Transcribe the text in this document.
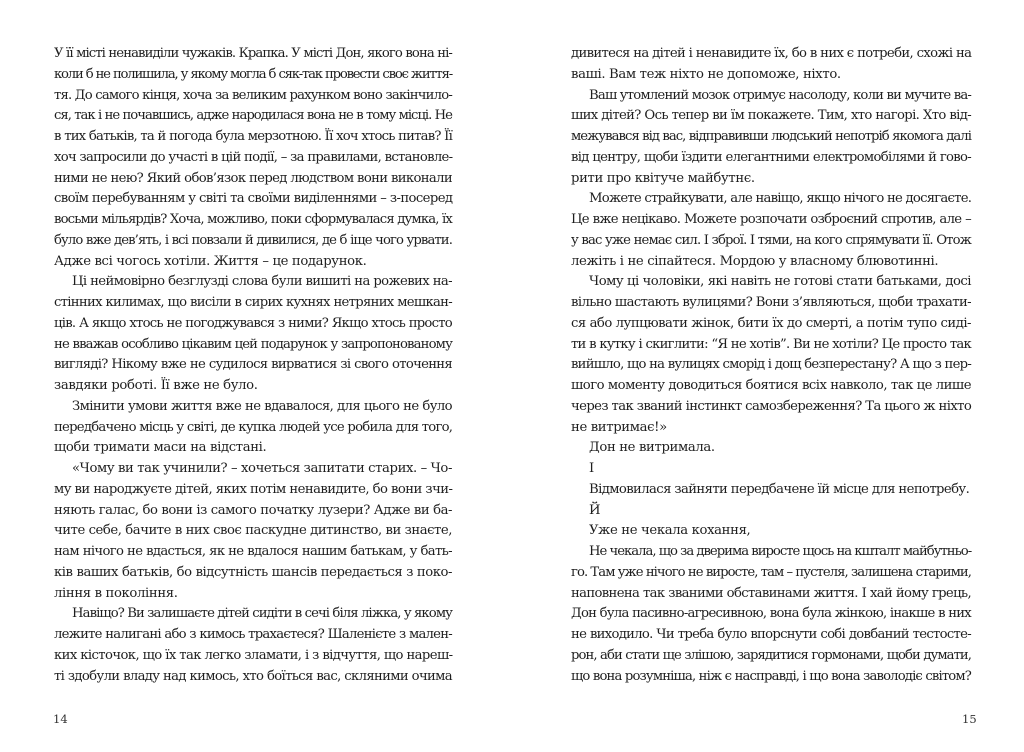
У її місті ненавиділи чужаків. Крапка. У місті Дон, якого вона ні-
коли б не полишила, у якому могла б сяк-так провести своє життя-
тя. До самого кінця, хоча за великим рахунком воно закінчило-
ся, так і не почавшись, адже народилася вона не в тому місці. Не
в тих батьків, та й погода була мерзотною. Її хоч хтось питав? Її
хоч запросили до участі в цій події, – за правилами, встановле-
ними не нею? Який обов’язок перед людством вони виконали
своїм перебуванням у світі та своїми виділеннями – з-посеред
восьми мільярдів? Хоча, можливо, поки сформувалася думка, їх
було вже дев’ять, і всі повзали й дивилися, де б іще чого урвати.
Адже всі чогось хотіли. Життя – це подарунок.
Ці неймовірно безглузді слова були вишиті на рожевих на-
стінних килимах, що висіли в сирих кухнях нетряних мешкан-
ців. А якщо хтось не погоджувався з ними? Якщо хтось просто
не вважав особливо цікавим цей подарунок у запропонованому
вигляді? Нікому вже не судилося вирватися зі свого оточення
завдяки роботі. Її вже не було.
Змінити умови життя вже не вдавалося, для цього не було
передбачено місць у світі, де купка людей усе робила для того,
щоби тримати маси на відстані.
«Чому ви так учинили? – хочеться запитати старих. – Чо-
му ви народжуєте дітей, яких потім ненавидите, бо вони зчи-
няють галас, бо вони із самого початку лузери? Адже ви ба-
чите себе, бачите в них своє паскудне дитинство, ви знаєте,
нам нічого не вдасться, як не вдалося нашим батькам, у бать-
ків ваших батьків, бо відсутність шансів передається з поко-
ління в покоління.
Навіщо? Ви залишаєте дітей сидіти в сечі біля ліжка, у якому
лежите налигані або з кимось трахаєтеся? Шаленієте з мален-
ких кісточок, що їх так легко зламати, і з відчуття, що нареш-
ті здобули владу над кимось, хто боїться вас, скляними очима
14
дивитеся на дітей і ненавидите їх, бо в них є потреби, схожі на
ваші. Вам теж ніхто не допоможе, ніхто.
Ваш утомлений мозок отримує насолоду, коли ви мучите ва-
ших дітей? Ось тепер ви їм покажете. Тим, хто нагорі. Хто від-
межувався від вас, відправивши людський непотріб якомога далі
від центру, щоби їздити елегантними електромобілями й гово-
рити про квітуче майбутнє.
Можете страйкувати, але навіщо, якщо нічого не досягаєте.
Це вже нецікаво. Можете розпочати озброєний спротив, але –
у вас уже немає сил. І зброї. І тями, на кого спрямувати її. Отож
лежіть і не сіпайтеся. Мордою у власному блювотинні.
Чому ці чоловіки, які навіть не готові стати батьками, досі
вільно шастають вулицями? Вони з’являються, щоби трахати-
ся або лупцювати жінок, бити їх до смерті, а потім тупо сиді-
ти в кутку і скиглити: “Я не хотів”. Ви не хотіли? Це просто так
вийшло, що на вулицях сморід і дощ безперестану? А що з пер-
шого моменту доводиться боятися всіх навколо, так це лише
через так званий інстинкт самозбереження? Та цього ж ніхто
не витримає!»
Дон не витримала.
І
Відмовилася зайняти передбачене їй місце для непотребу.
Й
Уже не чекала кохання,
Не чекала, що за дверима виросте щось на кшталт майбутньо-
го. Там уже нічого не виросте, там – пустеля, залишена старими,
наповнена так званими обставинами життя. І хай йому грець,
Дон була пасивно-агресивною, вона була жінкою, інакше в них
не виходило. Чи треба було впорснути собі довбаний тестосте-
рон, аби стати ще злішою, зарядитися гормонами, щоби думати,
що вона розумніша, ніж є насправді, і що вона заволодіє світом?
15
